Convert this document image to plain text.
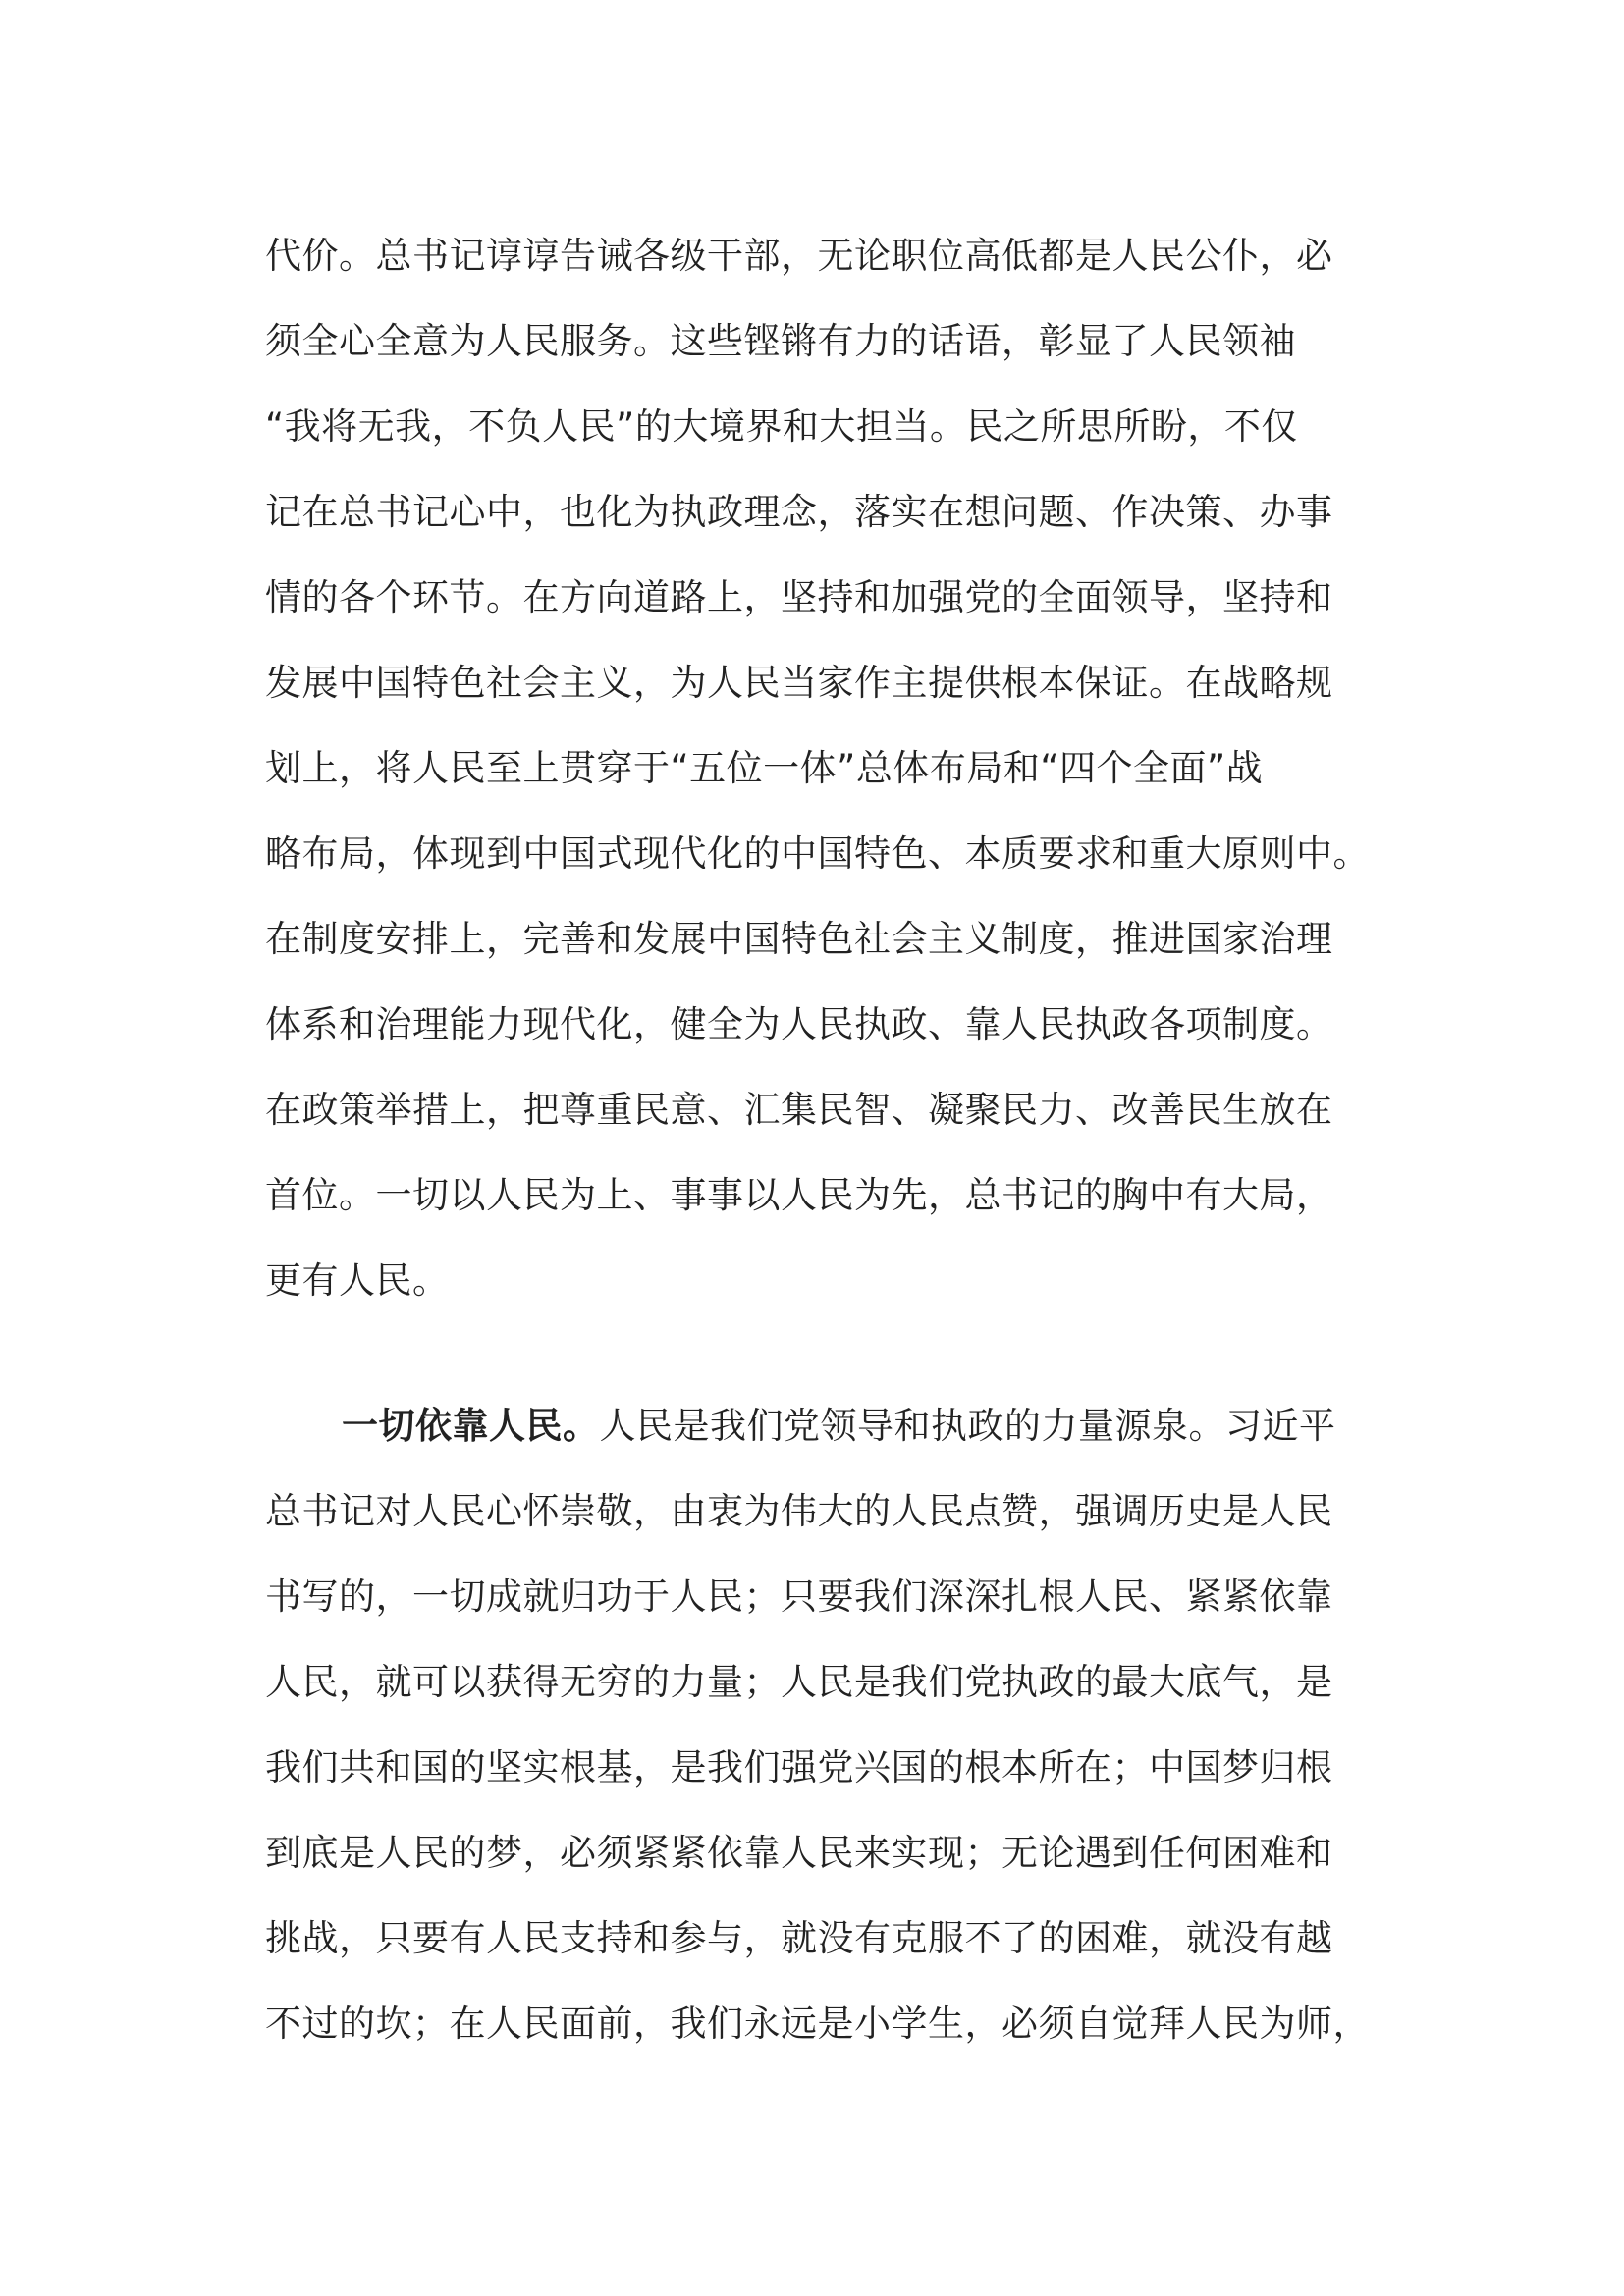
代价。总书记谆谆告诫各级干部，无论职位高低都是人民公仆，必
须全心全意为人民服务。这些铿锵有力的话语，彰显了人民领袖
“我将无我，不负人民”的大境界和大担当。民之所思所盼，不仅
记在总书记心中，也化为执政理念，落实在想问题、作决策、办事
情的各个环节。在方向道路上，坚持和加强党的全面领导，坚持和
发展中国特色社会主义，为人民当家作主提供根本保证。在战略规
划上，将人民至上贯穿于“五位一体”总体布局和“四个全面”战
略布局，体现到中国式现代化的中国特色、本质要求和重大原则中。
在制度安排上，完善和发展中国特色社会主义制度，推进国家治理
体系和治理能力现代化，健全为人民执政、靠人民执政各项制度。
在政策举措上，把尊重民意、汇集民智、凝聚民力、改善民生放在
首位。一切以人民为上、事事以人民为先，总书记的胸中有大局，
更有人民。
一切依靠人民。人民是我们党领导和执政的力量源泉。习近平
总书记对人民心怀崇敬，由衷为伟大的人民点赞，强调历史是人民
书写的，一切成就归功于人民；只要我们深深扎根人民、紧紧依靠
人民，就可以获得无穷的力量；人民是我们党执政的最大底气，是
我们共和国的坚实根基，是我们强党兴国的根本所在；中国梦归根
到底是人民的梦，必须紧紧依靠人民来实现；无论遇到任何困难和
挑战，只要有人民支持和参与，就没有克服不了的困难，就没有越
不过的坎；在人民面前，我们永远是小学生，必须自觉拜人民为师，
